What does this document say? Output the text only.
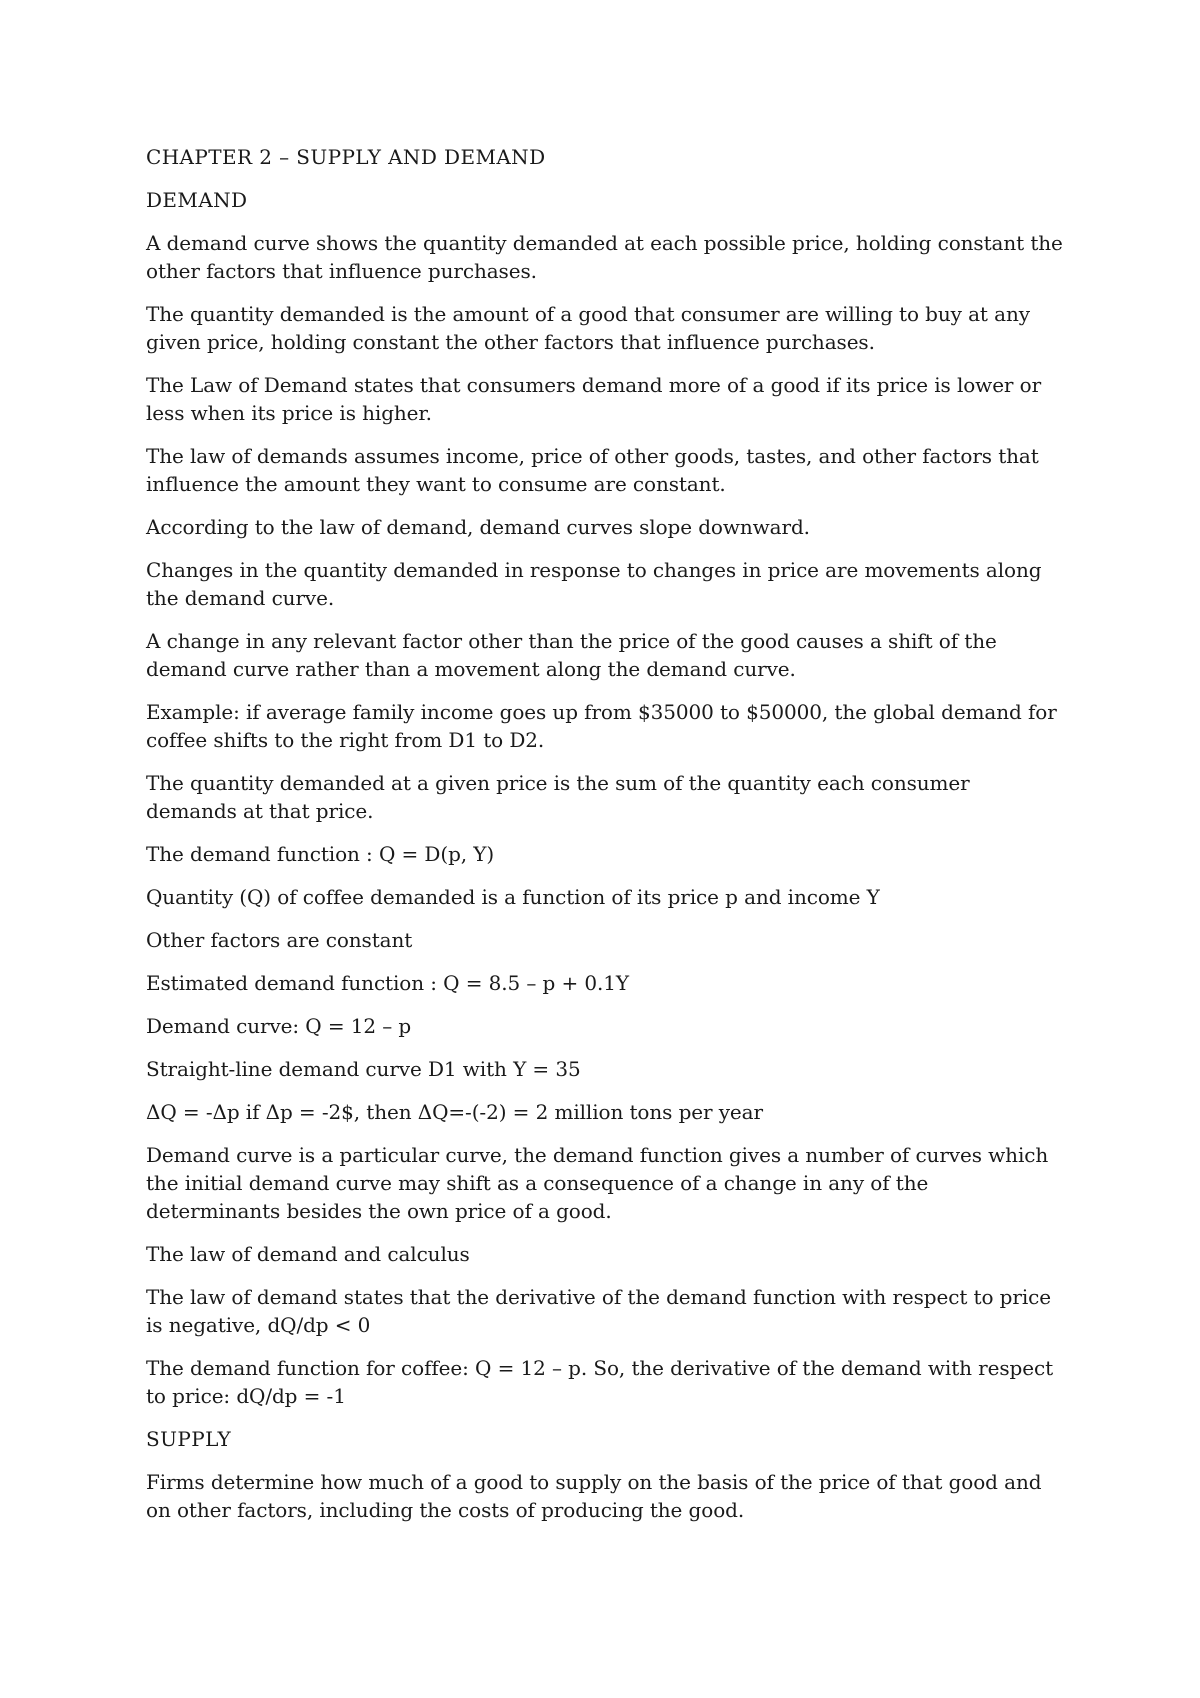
CHAPTER 2 – SUPPLY AND DEMAND

DEMAND

A demand curve shows the quantity demanded at each possible price, holding constant the other factors that influence purchases.

The quantity demanded is the amount of a good that consumer are willing to buy at any given price, holding constant the other factors that influence purchases.

The Law of Demand states that consumers demand more of a good if its price is lower or less when its price is higher.

The law of demands assumes income, price of other goods, tastes, and other factors that influence the amount they want to consume are constant.

According to the law of demand, demand curves slope downward.

Changes in the quantity demanded in response to changes in price are movements along the demand curve.

A change in any relevant factor other than the price of the good causes a shift of the demand curve rather than a movement along the demand curve.

Example: if average family income goes up from $35000 to $50000, the global demand for coffee shifts to the right from D1 to D2.

The quantity demanded at a given price is the sum of the quantity each consumer demands at that price.

The demand function : Q = D(p, Y)

Quantity (Q) of coffee demanded is a function of its price p and income Y

Other factors are constant

Estimated demand function : Q = 8.5 – p + 0.1Y

Demand curve: Q = 12 – p

Straight-line demand curve D1 with Y = 35

ΔQ = -Δp if Δp = -2$, then ΔQ=-(-2) = 2 million tons per year

Demand curve is a particular curve, the demand function gives a number of curves which the initial demand curve may shift as a consequence of a change in any of the determinants besides the own price of a good.

The law of demand and calculus

The law of demand states that the derivative of the demand function with respect to price is negative, dQ/dp < 0

The demand function for coffee: Q = 12 – p. So, the derivative of the demand with respect to price: dQ/dp = -1

SUPPLY

Firms determine how much of a good to supply on the basis of the price of that good and on other factors, including the costs of producing the good.
